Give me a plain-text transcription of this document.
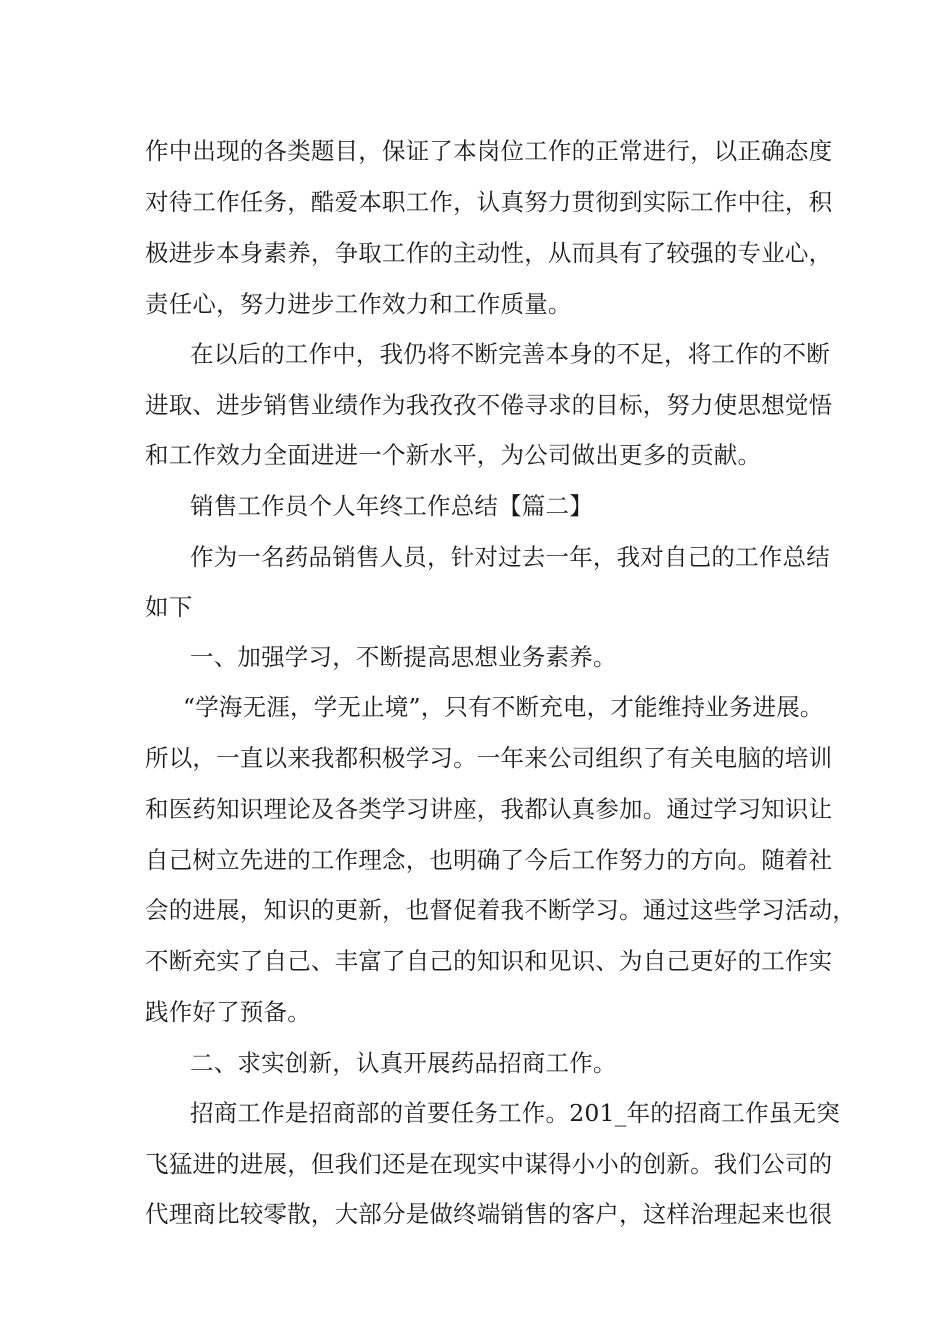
作中出现的各类题目，保证了本岗位工作的正常进行，以正确态度
对待工作任务，酷爱本职工作，认真努力贯彻到实际工作中往，积
极进步本身素养，争取工作的主动性，从而具有了较强的专业心，
责任心，努力进步工作效力和工作质量。
在以后的工作中，我仍将不断完善本身的不足，将工作的不断
进取、进步销售业绩作为我孜孜不倦寻求的目标，努力使思想觉悟
和工作效力全面进进一个新水平，为公司做出更多的贡献。
销售工作员个人年终工作总结【篇二】
作为一名药品销售人员，针对过去一年，我对自己的工作总结
如下
一、加强学习，不断提高思想业务素养。
“学海无涯，学无止境”，只有不断充电，才能维持业务进展。
所以，一直以来我都积极学习。一年来公司组织了有关电脑的培训
和医药知识理论及各类学习讲座，我都认真参加。通过学习知识让
自己树立先进的工作理念，也明确了今后工作努力的方向。随着社
会的进展，知识的更新，也督促着我不断学习。通过这些学习活动，
不断充实了自己、丰富了自己的知识和见识、为自己更好的工作实
践作好了预备。
二、求实创新，认真开展药品招商工作。
招商工作是招商部的首要任务工作。201_年的招商工作虽无突
飞猛进的进展，但我们还是在现实中谋得小小的创新。我们公司的
代理商比较零散，大部分是做终端销售的客户，这样治理起来也很
